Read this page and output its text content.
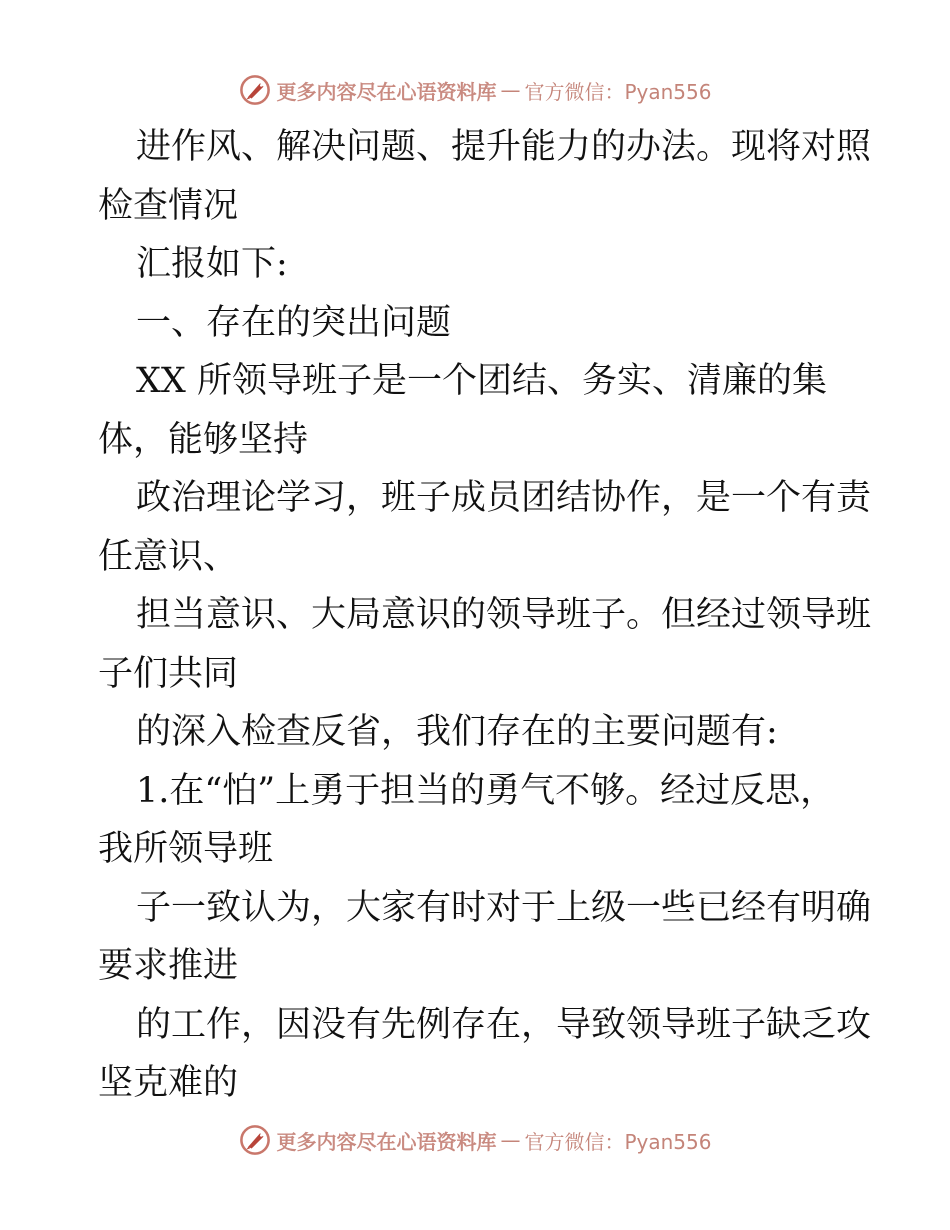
更多内容尽在心语资料库 — 官方微信：Pyan556
进作风、解决问题、提升能力的办法。现将对照
检查情况
汇报如下:
一、存在的突出问题
XX 所领导班子是一个团结、务实、清廉的集
体，能够坚持
政治理论学习，班子成员团结协作，是一个有责
任意识、
担当意识、大局意识的领导班子。但经过领导班
子们共同
的深入检查反省，我们存在的主要问题有:
1.在“怕”上勇于担当的勇气不够。经过反思，
我所领导班
子一致认为，大家有时对于上级一些已经有明确
要求推进
的工作，因没有先例存在，导致领导班子缺乏攻
坚克难的
更多内容尽在心语资料库 — 官方微信：Pyan556
